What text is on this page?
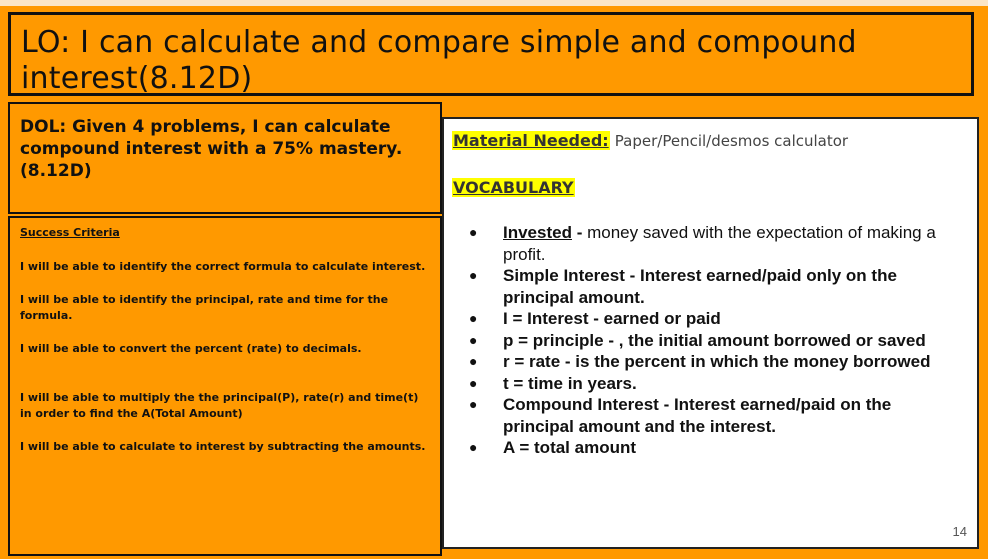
LO: I can calculate and compare simple and compound interest(8.12D)
DOL: Given 4 problems, I can calculate compound interest with a 75% mastery. (8.12D)
Success Criteria
I will be able to identify the correct formula to calculate interest.
I will be able to identify the principal, rate and time for the formula.
I will be able to convert the percent (rate) to decimals.
I will be able to multiply the the principal(P), rate(r) and time(t) in order to find the A(Total Amount)
I will be able to calculate to interest by subtracting the amounts.
Material Needed: Paper/Pencil/desmos calculator
VOCABULARY
● Invested - money saved with the expectation of making a profit.
● Simple Interest - Interest earned/paid only on the principal amount.
● I = Interest - earned or paid
● p = principle - , the initial amount borrowed or saved
● r = rate - is the percent in which the money borrowed
● t = time in years.
● Compound Interest - Interest earned/paid on the principal amount and the interest.
● A = total amount
14
